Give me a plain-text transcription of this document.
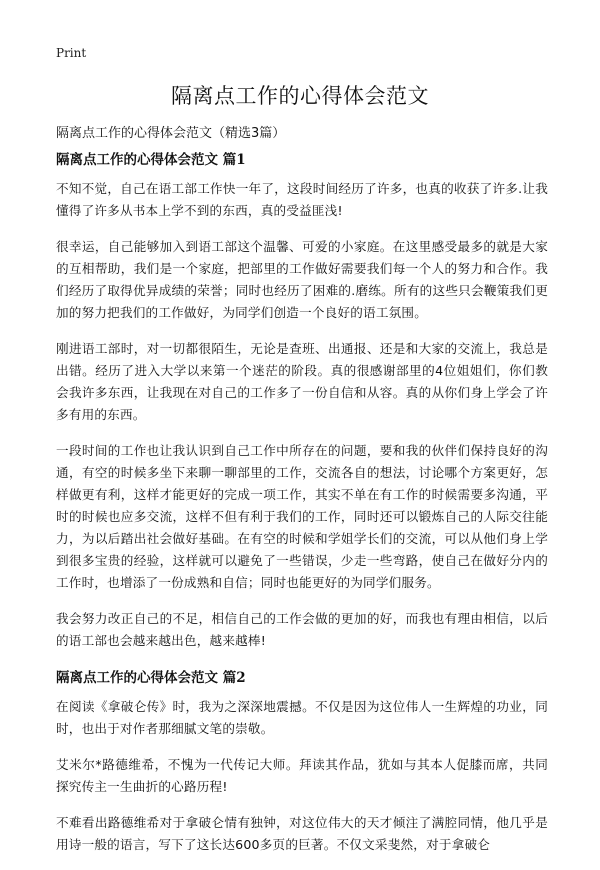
Print
隔离点工作的心得体会范文

隔离点工作的心得体会范文（精选3篇）

隔离点工作的心得体会范文 篇1

不知不觉，自己在语工部工作快一年了，这段时间经历了许多，也真的收获了许多.让我懂得了许多从书本上学不到的东西，真的受益匪浅!

很幸运，自己能够加入到语工部这个温馨、可爱的小家庭。在这里感受最多的就是大家的互相帮助，我们是一个家庭，把部里的工作做好需要我们每一个人的努力和合作。我们经历了取得优异成绩的荣誉；同时也经历了困难的.磨练。所有的这些只会鞭策我们更加的努力把我们的工作做好，为同学们创造一个良好的语工氛围。

刚进语工部时，对一切都很陌生，无论是查班、出通报、还是和大家的交流上，我总是出错。经历了进入大学以来第一个迷茫的阶段。真的很感谢部里的4位姐姐们，你们教会我许多东西，让我现在对自己的工作多了一份自信和从容。真的从你们身上学会了许多有用的东西。

一段时间的工作也让我认识到自己工作中所存在的问题，要和我的伙伴们保持良好的沟通，有空的时候多坐下来聊一聊部里的工作，交流各自的想法，讨论哪个方案更好，怎样做更有利，这样才能更好的完成一项工作，其实不单在有工作的时候需要多沟通，平时的时候也应多交流，这样不但有利于我们的工作，同时还可以锻炼自己的人际交往能力，为以后踏出社会做好基础。在有空的时候和学姐学长们的交流，可以从他们身上学到很多宝贵的经验，这样就可以避免了一些错误，少走一些弯路，使自己在做好分内的工作时，也增添了一份成熟和自信；同时也能更好的为同学们服务。

我会努力改正自己的不足，相信自己的工作会做的更加的好，而我也有理由相信，以后的语工部也会越来越出色，越来越棒!

隔离点工作的心得体会范文 篇2

在阅读《拿破仑传》时，我为之深深地震撼。不仅是因为这位伟人一生辉煌的功业，同时，也出于对作者那细腻文笔的崇敬。

艾米尔*路德维希，不愧为一代传记大师。拜读其作品，犹如与其本人促膝而席，共同探究传主一生曲折的心路历程!

不难看出路德维希对于拿破仑情有独钟，对这位伟大的天才倾注了满腔同情，他几乎是用诗一般的语言，写下了这长达600多页的巨著。不仅文采斐然，对于拿破仑
